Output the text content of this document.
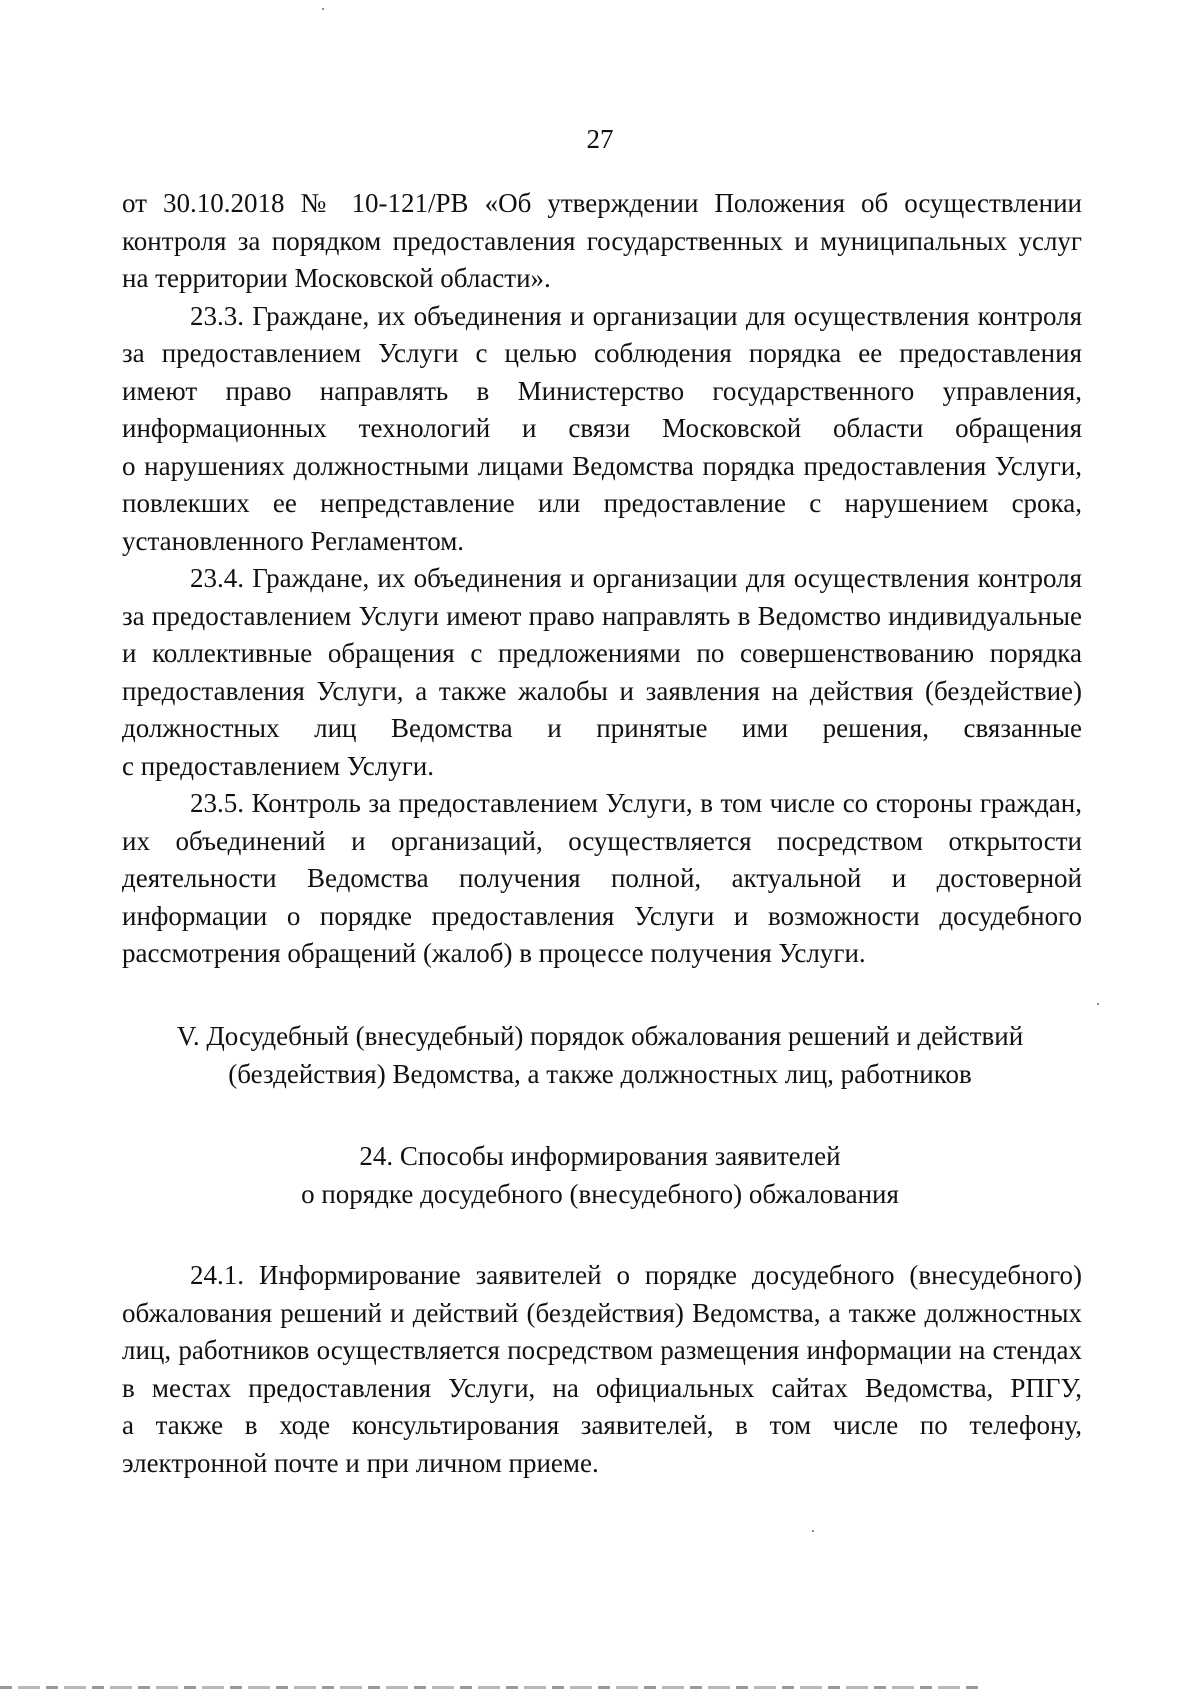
27
от 30.10.2018 № 10-121/РВ «Об утверждении Положения об осуществлении
контроля за порядком предоставления государственных и муниципальных услуг
на территории Московской области».
23.3. Граждане, их объединения и организации для осуществления контроля
за предоставлением Услуги с целью соблюдения порядка ее предоставления
имеют право направлять в Министерство государственного управления,
информационных технологий и связи Московской области обращения
о нарушениях должностными лицами Ведомства порядка предоставления Услуги,
повлекших ее непредставление или предоставление с нарушением срока,
установленного Регламентом.
23.4. Граждане, их объединения и организации для осуществления контроля
за предоставлением Услуги имеют право направлять в Ведомство индивидуальные
и коллективные обращения с предложениями по совершенствованию порядка
предоставления Услуги, а также жалобы и заявления на действия (бездействие)
должностных лиц Ведомства и принятые ими решения, связанные
с предоставлением Услуги.
23.5. Контроль за предоставлением Услуги, в том числе со стороны граждан,
их объединений и организаций, осуществляется посредством открытости
деятельности Ведомства получения полной, актуальной и достоверной
информации о порядке предоставления Услуги и возможности досудебного
рассмотрения обращений (жалоб) в процессе получения Услуги.
V. Досудебный (внесудебный) порядок обжалования решений и действий
(бездействия) Ведомства, а также должностных лиц, работников
24. Способы информирования заявителей
о порядке досудебного (внесудебного) обжалования
24.1. Информирование заявителей о порядке досудебного (внесудебного)
обжалования решений и действий (бездействия) Ведомства, а также должностных
лиц, работников осуществляется посредством размещения информации на стендах
в местах предоставления Услуги, на официальных сайтах Ведомства, РПГУ,
а также в ходе консультирования заявителей, в том числе по телефону,
электронной почте и при личном приеме.
